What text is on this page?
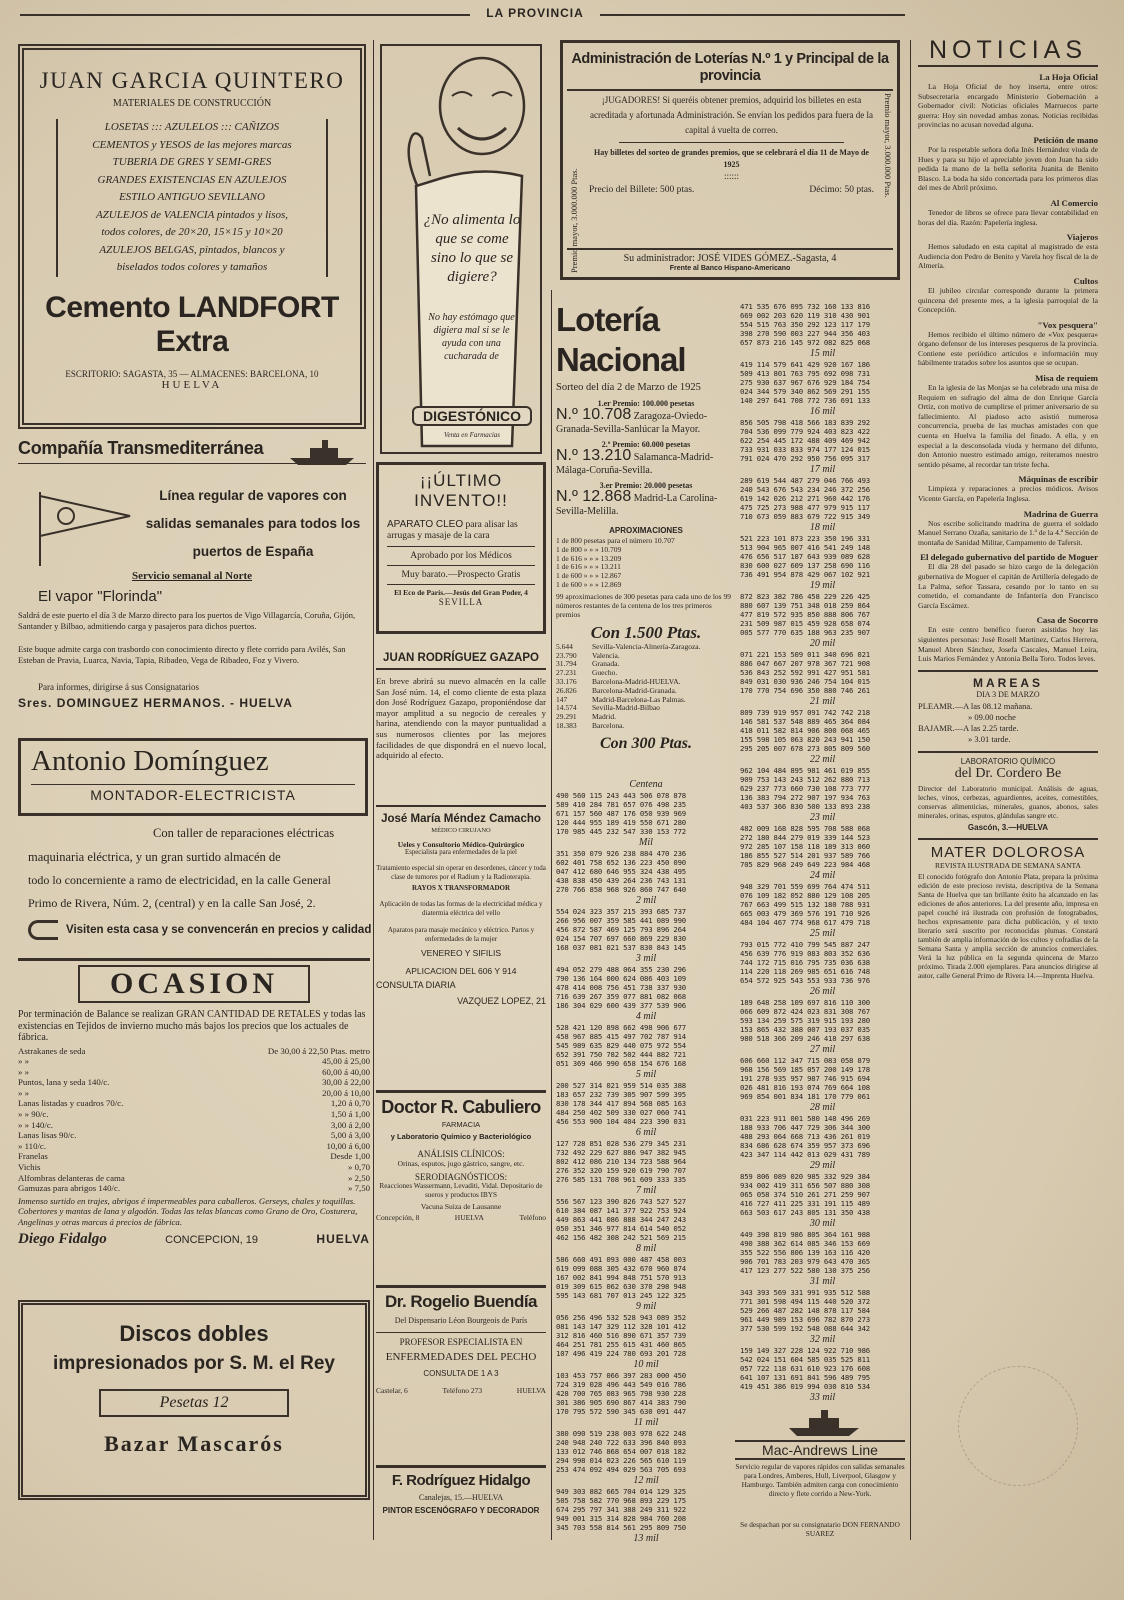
LA PROVINCIA
JUAN GARCIA QUINTERO
MATERIALES DE CONSTRUCCIÓN
LOSETAS ::: AZULELOS ::: CAÑIZOS
CEMENTOS y YESOS de las mejores marcas
TUBERIA DE GRES Y SEMI-GRES
GRANDES EXISTENCIAS EN AZULEJOS
ESTILO ANTIGUO SEVILLANO
AZULEJOS de VALENCIA pintados y lisos,
todos colores, de 20×20, 15×15 y 10×20
AZULEJOS BELGAS, pintados, blancos y
biselados todos colores y tamaños
Cemento LANDFORT Extra
ESCRITORIO: SAGASTA, 35 — ALMACENES: BARCELONA, 10
HUELVA
Compañía Transmediterránea
Línea regular de vapores con salidas semanales para todos los puertos de España
Servicio semanal al Norte
El vapor "Florinda"
Saldrá de este puerto el día 3 de Marzo directo para los puertos de Vigo Villagarcía, Coruña, Gijón, Santander y Bilbao, admitiendo carga y pasajeros para dichos puertos.
Este buque admite carga con trasbordo con conocimiento directo y flete corrido para Avilés, San Esteban de Pravia, Luarca, Navia, Tapia, Ribadeo, Vega de Ribadeo, Foz y Vivero.
Para informes, dirigirse á sus Consignatarios
Sres. DOMINGUEZ HERMANOS. - HUELVA
Antonio Domínguez
MONTADOR-ELECTRICISTA
Con taller de reparaciones eléctricas
maquinaria eléctrica, y un gran surtido almacén de
todo lo concerniente a ramo de electricidad, en la calle General
Primo de Rivera, Núm. 2, (central) y en la calle San José, 2.
Visiten esta casa y se convencerán en precios y calidad
OCASION
Por terminación de Balance se realizan GRAN CANTIDAD DE RETALES y todas las existencias en Tejidos de invierno mucho más bajos los precios que los actuales de fábrica.
Astrakanes de seda	De 30,00 á 22,50 Ptas. metro
» »	45,00 á 25,00
» »	60,00 á 40,00
Puntos, lana y seda 140/c.	30,00 á 22,00
» »	20,00 á 10,00
Lanas listadas y cuadros 70/c.	1,20 á 0,70
» » 90/c.	1,50 á 1,00
» » 140/c.	3,00 á 2,00
Lanas lisas 90/c.	5,00 á 3,00
» 110/c.	10,00 á 6,00
Franelas	Desde 1,00
Vichis	» 0,70
Alfombras delanteras de cama	» 2,50
Gamuzas para abrigos 140/c.	» 7,50
Inmenso surtido en trajes, abrigos é impermeables para caballeros. Gerseys, chales y toquillas. Cobertores y mantas de lana y algodón. Todas las telas blancas como Grano de Oro, Costurera, Angelinas y otras marcas á precios de fábrica.
Diego Fidalgo	CONCEPCION, 19	HUELVA
Discos dobles
impresionados por S. M. el Rey
Pesetas 12
Bazar Mascarós
¿No alimenta lo que se come sino lo que se digiere?
No hay estómago que digiera mal si se le ayuda con una cucharada de
DIGESTÓNICO
Venta en Farmacias
¡¡ÚLTIMO INVENTO!!
APARATO CLEO para alisar las arrugas y masaje de la cara
Aprobado por los Médicos
Muy barato.—Prospecto Gratis
El Eco de París.—Jesús del Gran Poder, 4
SEVILLA
JUAN RODRÍGUEZ GAZAPO
En breve abrirá su nuevo almacén en la calle San José núm. 14, el como cliente de esta plaza don José Rodríguez Gazapo, proponiéndose dar mayor amplitud a su negocio de cereales y harina, atendiendo con la mayor puntualidad a sus numerosos clientes por las mejores facilidades de que dispondrá en el nuevo local, adquirido al efecto.
José María Méndez Camacho
MÉDICO CIRUJANO
Ueles y Consultorio Médico-Quirúrgico
Especialista para enfermedades de la piel
Tratamiento especial sin operar en desordenes, cáncer y toda clase de tumores por el Radium y la Radioterapia.
RAYOS X TRANSFORMADOR
Aplicación de todas las formas de la electricidad médica y diatermia eléctrica del vello
Aparatos para masaje mecánico y eléctrico. Partos y enfermedades de la mujer
VENEREO Y SIFILIS
APLICACION DEL 606 Y 914
CONSULTA DIARIA
VAZQUEZ LOPEZ, 21
Doctor R. Cabuliero
FARMACIA
y Laboratorio Químico y Bacteriológico
ANÁLISIS CLÍNICOS:
Orinas, esputos, jugo gástrico, sangre, etc.
SERODIAGNÓSTICOS:
Reacciones Wassermann, Levaditi, Vidal. Depositario de sueros y productos IBYS
Vacuna Suiza de Lausanne
Concepción, 8	HUELVA	Teléfono
Dr. Rogelio Buendía
Del Dispensario Léon Bourgeois de París
PROFESOR ESPECIALISTA EN
ENFERMEDADES DEL PECHO
CONSULTA DE 1 A 3
Castelar, 6	Teléfono 273	HUELVA
F. Rodríguez Hidalgo
Canalejas, 15.—HUELVA
PINTOR ESCENÓGRAFO Y DECORADOR
Administración de Loterías N.º 1 y Principal de la provincia
Premio mayor, 3.000.000 Ptas.
Premio mayor, 3.000.000 Ptas.
¡JUGADORES! Si queréis obtener premios, adquirid los billetes en esta acreditada y afortunada Administración. Se envían los pedidos para fuera de la capital á vuelta de correo.
Hay billetes del sorteo de grandes premios, que se celebrará el día 11 de Mayo de 1925
::::::
Precio del Billete: 500 ptas.	Décimo: 50 ptas.
Su administrador: JOSÉ VIDES GÓMEZ.-Sagasta, 4
Frente al Banco Hispano-Americano
Lotería Nacional
Sorteo del día 2 de Marzo de 1925
1.er Premio: 100.000 pesetas
N.º 10.708 Zaragoza-Oviedo-Granada-Sevilla-Sanlúcar la Mayor.
2.º Premio: 60.000 pesetas
N.º 13.210 Salamanca-Madrid-Málaga-Coruña-Sevilla.
3.er Premio: 20.000 pesetas
N.º 12.868 Madrid-La Carolina-Sevilla-Melilla.
APROXIMACIONES
1 de 800 pesetas para el número 10.707
1 de 800 » » » 10.709
1 de 616 » » » 13.209
1 de 616 » » » 13.211
1 de 600 » » » 12.867
1 de 600 » » » 12.869
99 aproximaciones de 300 pesetas para cada uno de los 99 números restantes de la centena de los tres primeros premios
Con 1.500 Ptas.
5.644	Sevilla-Valencia-Almería-Zaragoza.
23.790	Valencia.
31.794	Granada.
27.231	Guecho.
33.176	Barcelona-Madrid-HUELVA.
26.826	Barcelona-Madrid-Granada.
147	Madrid-Barcelona-Las Palmas.
14.574	Sevilla-Madrid-Bilbao
29.291	Madrid.
18.383	Barcelona.
Con 300 Ptas.
Centena
490 560 115 243 443 506 078 878
589 410 284 781 657 076 498 235
671 157 560 487 176 050 939 969
120 444 955 189 419 550 671 280
170 985 445 232 547 330 153 772
Mil
351 350 079 926 238 884 470 236
602 401 758 652 136 223 450 090
047 412 680 646 955 324 438 495
438 838 450 439 264 236 743 131
270 766 858 968 926 860 747 640
2 mil
554 024 323 357 215 393 685 737
266 956 007 359 585 441 089 990
456 872 587 469 125 793 896 264
024 154 707 697 660 869 229 830
168 037 081 021 537 830 843 145
3 mil
494 052 279 488 064 355 230 296
790 136 164 000 624 086 403 109
478 414 008 756 451 738 337 930
716 639 267 359 077 881 082 068
186 304 029 600 439 377 539 906
4 mil
528 421 120 898 662 498 906 677
458 967 885 415 497 702 787 914
545 989 635 829 440 075 972 554
652 391 750 782 502 444 882 721
051 369 466 990 658 154 676 168
5 mil
200 527 314 021 959 514 035 388
183 657 232 739 305 907 599 395
830 178 344 417 894 568 085 163
484 250 402 509 330 027 060 741
456 553 900 104 404 223 390 031
6 mil
127 728 851 028 536 279 345 231
732 492 229 627 886 947 382 945
802 412 086 210 134 723 588 964
276 352 320 159 920 619 790 707
276 585 131 708 961 609 333 335
7 mil
556 567 123 390 826 743 527 527
610 384 087 141 377 922 753 924
449 863 441 086 888 344 247 243
050 351 346 977 814 614 540 052
462 156 482 308 242 521 569 215
8 mil
586 660 491 093 000 487 458 003
619 099 088 305 432 670 960 874
167 002 841 994 848 751 570 913
019 309 615 062 630 370 298 948
595 143 681 707 013 245 122 325
9 mil
056 256 496 532 528 943 089 352
081 143 147 329 112 328 101 412
312 816 460 516 890 671 357 739
464 251 781 255 615 431 460 865
107 496 419 224 780 693 201 728
10 mil
103 453 757 066 397 283 000 450
724 319 028 496 443 549 016 786
428 700 765 083 965 798 930 228
301 386 905 690 867 414 383 790
170 795 572 590 345 630 091 447
11 mil
380 090 519 238 003 978 622 248
240 948 240 722 633 396 840 093
133 012 746 868 654 007 018 182
294 998 014 023 226 565 610 119
253 474 092 494 029 563 705 693
12 mil
949 303 882 665 704 014 129 325
505 758 582 770 968 893 229 175
674 295 797 341 388 249 311 922
949 001 315 314 828 984 760 208
345 703 558 814 561 295 809 750
13 mil
471 535 676 095 732 160 133 816
669 002 203 620 119 310 430 901
554 515 763 350 292 123 117 179
398 270 590 003 227 944 356 403
657 873 216 145 972 082 825 068
15 mil
419 114 579 641 429 920 167 186
509 413 801 763 795 692 098 731
275 930 637 967 676 929 184 754
024 344 579 340 862 569 291 155
140 297 641 708 772 736 691 133
16 mil
856 505 798 418 566 183 839 292
704 536 099 779 924 403 823 422
622 254 445 172 488 409 469 942
733 931 033 833 974 177 124 015
791 024 470 292 950 756 095 317
17 mil
289 619 544 487 279 046 766 493
240 543 676 543 234 246 372 256
619 142 026 212 271 960 442 176
475 725 273 988 477 979 915 117
710 673 059 883 679 722 915 349
18 mil
521 223 101 873 223 350 196 331
513 904 965 007 416 541 249 148
476 656 517 187 643 939 089 628
830 600 027 609 137 258 690 116
736 491 954 878 429 067 102 921
19 mil
872 823 382 786 458 229 226 425
880 607 139 751 348 018 259 864
477 819 572 935 850 888 806 767
231 509 987 015 459 928 658 074
005 577 770 635 188 963 235 907
20 mil
071 221 153 509 011 340 696 021
886 047 667 207 978 367 721 908
536 843 252 592 991 427 951 581
849 031 030 936 246 754 104 015
170 770 754 696 350 880 746 261
21 mil
809 739 919 957 091 742 742 218
146 581 537 548 889 465 364 084
418 011 582 814 906 800 068 465
155 598 105 063 820 243 941 150
295 205 007 678 273 805 809 560
22 mil
962 104 484 895 981 461 019 855
909 753 143 243 512 262 880 713
629 237 773 660 730 108 773 777
136 383 794 272 907 197 934 763
403 537 366 830 500 133 893 238
23 mil
482 009 168 828 595 708 588 068
272 180 844 279 019 339 144 523
972 285 107 158 118 189 313 060
186 855 527 514 201 937 589 766
705 829 968 249 649 223 984 468
24 mil
948 329 701 559 699 764 474 511
076 109 182 052 880 129 108 205
767 663 499 515 132 180 788 931
665 003 479 369 576 191 710 926
484 104 467 774 968 617 479 718
25 mil
793 015 772 410 799 545 887 247
456 639 776 919 083 803 352 636
744 172 715 016 795 735 036 638
114 220 118 269 985 651 616 748
654 572 925 543 553 933 736 976
26 mil
189 648 258 109 697 816 110 300
066 609 872 424 023 831 308 767
593 134 259 575 319 915 193 280
153 865 432 388 007 193 037 035
980 518 366 209 246 418 297 638
27 mil
606 660 112 347 715 083 058 879
968 156 569 185 057 200 149 178
191 278 935 957 987 746 915 694
026 481 816 193 074 769 664 108
969 854 001 834 181 170 779 061
28 mil
031 223 911 001 580 148 496 269
188 933 706 447 729 306 344 300
488 293 064 668 713 436 261 019
834 686 628 674 359 957 373 696
423 347 114 442 013 029 431 789
29 mil
859 806 089 020 985 332 929 384
934 002 419 311 656 507 880 308
065 058 374 510 261 271 259 907
416 727 411 225 331 191 115 489
663 503 617 243 805 131 350 438
30 mil
449 398 819 986 805 364 161 988
490 388 362 614 085 346 153 669
355 522 556 806 139 163 116 420
906 701 783 203 979 643 470 365
417 123 277 522 580 130 375 256
31 mil
343 393 569 331 991 935 512 588
771 301 598 494 115 440 520 372
529 266 487 282 148 878 117 584
961 449 989 153 696 782 870 273
377 530 599 192 548 088 644 342
32 mil
159 149 327 228 124 922 710 986
542 024 151 604 585 035 525 811
057 722 118 631 610 923 176 608
641 107 131 691 841 596 489 795
419 451 386 019 994 030 810 534
33 mil
Mac-Andrews Line
Servicio regular de vapores rápidos con salidas semanales para Londres, Amberes, Hull, Liverpool, Glasgow y Hamburgo. También admiten carga con conocimiento directo y flete corrido a New-York.
Se despachan por su consignatario DON FERNANDO SUAREZ
NOTICIAS
La Hoja Oficial
La Hoja Oficial de hoy inserta, entre otros: Subsecretaría encargado Ministerio Gobernación a Gobernador civil: Noticias oficiales Marruecos parte guerra: Hoy sin novedad ambas zonas. Noticias recibidas provincias no acusan novedad alguna.
Petición de mano
Por la respetable señora doña Inés Hernández viuda de Hues y para su hijo el apreciable joven don Juan ha sido pedida la mano de la bella señorita Juanita de Benito Blasco. La boda ha sido concertada para los primeros días del mes de Abril próximo.
Al Comercio
Tenedor de libros se ofrece para llevar contabilidad en horas del día. Razón: Papelería inglesa.
Viajeros
Hemos saludado en esta capital al magistrado de esta Audiencia don Pedro de Benito y Varela hoy fiscal de la de Almería.
Cultos
El jubileo circular corresponde durante la primera quincena del presente mes, a la iglesia parroquial de la Concepción.
"Vox pesquera"
Hemos recibido el último número de «Vox pesquera» órgano defensor de los intereses pesqueros de la provincia. Contiene este periódico artículos e información muy hábilmente tratados sobre los asuntos que se ocupan.
Misa de requiem
En la iglesia de las Monjas se ha celebrado una misa de Requiem en sufragio del alma de don Enrique García Ortiz, con motivo de cumplirse el primer aniversario de su fallecimiento. Al piadoso acto asistió numerosa concurrencia, prueba de las muchas amistades con que cuenta en Huelva la familia del finado. A ella, y en especial a la desconsolada viuda y hermano del difunto, don Antonio nuestro estimado amigo, reiteramos nuestro sentido pésame, al recordar tan triste fecha.
Máquinas de escribir
Limpieza y reparaciones a precios módicos. Avisos Vicente García, en Papelería Inglesa.
Madrina de Guerra
Nos escribe solicitando madrina de guerra el soldado Manuel Serrano Ozaña, sanitario de 1.ª de la 4.ª Sección de montaña de Sanidad Militar, Campamento de Tafersit.
El delegado gubernativo del partido de Moguer
El día 28 del pasado se hizo cargo de la delegación gubernativa de Moguer el capitán de Artillería delegado de La Palma, señor Tassara, cesando por lo tanto en su cometido, el comandante de Infantería don Francisco García Escámez.
Casa de Socorro
En este centro benéfico fueron asistidas hoy las siguientes personas: José Rosell Martínez, Carlos Herrera, Manuel Abren Sánchez, Josefa Cascales, Manuel Leira, Luis Marios Fernández y Antonia Bella Toro. Todos leves.
MAREAS
DIA 3 DE MARZO
PLEAMR.—A las 08.12 mañana.
» 09.00 noche
BAJAMR.—A las 2.25 tarde.
» 3.01 tarde.
LABORATORIO QUÍMICO
del Dr. Cordero Be
Director del Laboratorio municipal. Análisis de aguas, leches, vinos, cerbezas, aguardientes, aceites, comestibles, conservas alimenticias, minerales, guanos, abonos, sales minerales, orinas, esputos, glándulas sangre etc.
Gascón, 3.—HUELVA
MATER DOLOROSA
REVISTA ILUSTRADA DE SEMANA SANTA
El conocido fotógrafo don Antonio Plata, prepara la próxima edición de este precioso revista, descriptiva de la Semana Santa de Huelva que tan brillante éxito ha alcanzado en las ediciones de años anteriores. La del presente año, impresa en papel couché irá ilustrada con profusión de fotograbados, hechos expresamente para dicha publicación, y el texto literario será suscrito por reconocidas plumas. Constará también de amplia información de los cultos y cofradías de la Semana Santa y amplia sección de anuncios comerciales. Verá la luz pública en la segunda quincena de Marzo próximo. Tirada 2.000 ejemplares. Para anuncios dirigirse al autor, calle General Primo de Rivera 14.—Imprenta Huelva.
